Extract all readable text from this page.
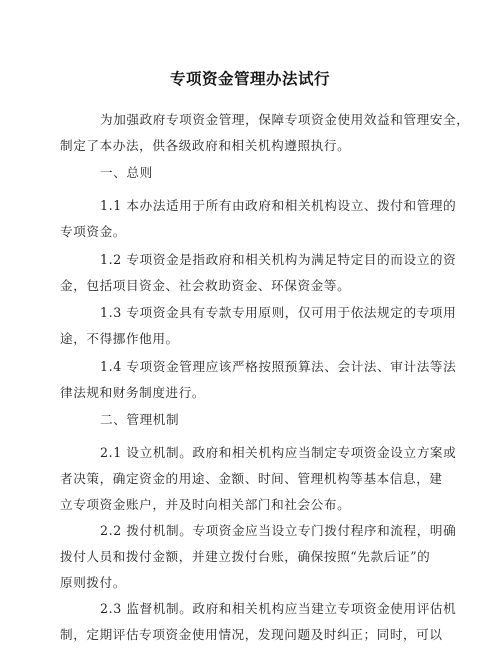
专项资金管理办法试行

为加强政府专项资金管理，保障专项资金使用效益和管理安全，
制定了本办法，供各级政府和相关机构遵照执行。

一、总则

1.1 本办法适用于所有由政府和相关机构设立、拨付和管理的
专项资金。

1.2 专项资金是指政府和相关机构为满足特定目的而设立的资
金，包括项目资金、社会救助资金、环保资金等。

1.3 专项资金具有专款专用原则，仅可用于依法规定的专项用
途，不得挪作他用。

1.4 专项资金管理应该严格按照预算法、会计法、审计法等法
律法规和财务制度进行。

二、管理机制

2.1 设立机制。政府和相关机构应当制定专项资金设立方案或
者决策，确定资金的用途、金额、时间、管理机构等基本信息，建
立专项资金账户，并及时向相关部门和社会公布。

2.2 拨付机制。专项资金应当设立专门拨付程序和流程，明确
拨付人员和拨付金额，并建立拨付台账，确保按照“先款后证”的
原则拨付。

2.3 监督机制。政府和相关机构应当建立专项资金使用评估机
制，定期评估专项资金使用情况，发现问题及时纠正；同时，可以
